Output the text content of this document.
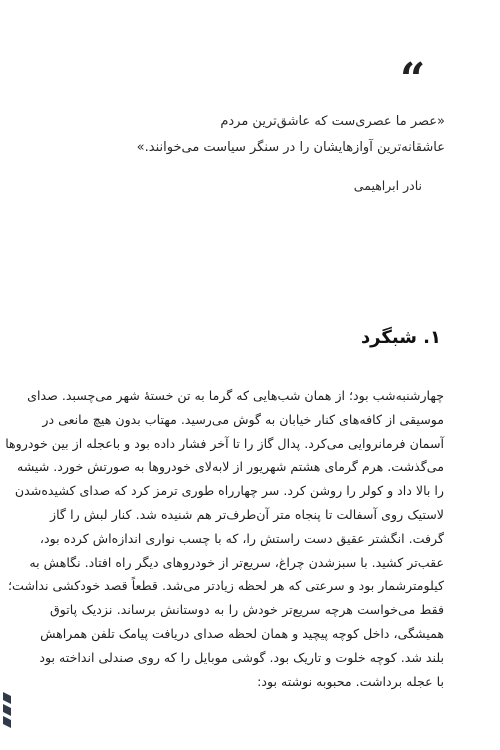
“
«عصر ما عصری‌ست که عاشق‌ترین مردم
عاشقانه‌ترین آوازهایشان را در سنگر سیاست می‌خوانند.»
نادر ابراهیمی
۱. شبگرد
چهارشنبه‌شب بود؛ از همان شب‌هایی که گرما به تن خستهٔ شهر می‌چسبد. صدای
موسیقی از کافه‌های کنار خیابان به گوش می‌رسید. مهتاب بدون هیچ مانعی در
آسمان فرمانروایی می‌کرد. پدال گاز را تا آخر فشار داده بود و باعجله از بین خودروها
می‌گذشت. هرم گرمای هشتم شهریور از لابه‌لای خودروها به صورتش خورد. شیشه
را بالا داد و کولر را روشن کرد. سر چهارراه طوری ترمز کرد که صدای کشیده‌شدن
لاستیک روی آسفالت تا پنجاه متر آن‌طرف‌تر هم شنیده شد. کنار لبش را گاز
گرفت. انگشتر عقیق دست راستش را، که با چسب نواری اندازه‌اش کرده بود،
عقب‌تر کشید. با سبزشدن چراغ، سریع‌تر از خودروهای دیگر راه افتاد. نگاهش به
کیلومترشمار بود و سرعتی که هر لحظه زیادتر می‌شد. قطعاً قصد خودکشی نداشت؛
فقط می‌خواست هرچه سریع‌تر خودش را به دوستانش برساند. نزدیک پاتوق
همیشگی، داخل کوچه پیچید و همان لحظه صدای دریافت پیامک تلفن همراهش
بلند شد. کوچه خلوت و تاریک بود. گوشی موبایل را که روی صندلی انداخته بود
با عجله برداشت. محبوبه نوشته بود:
